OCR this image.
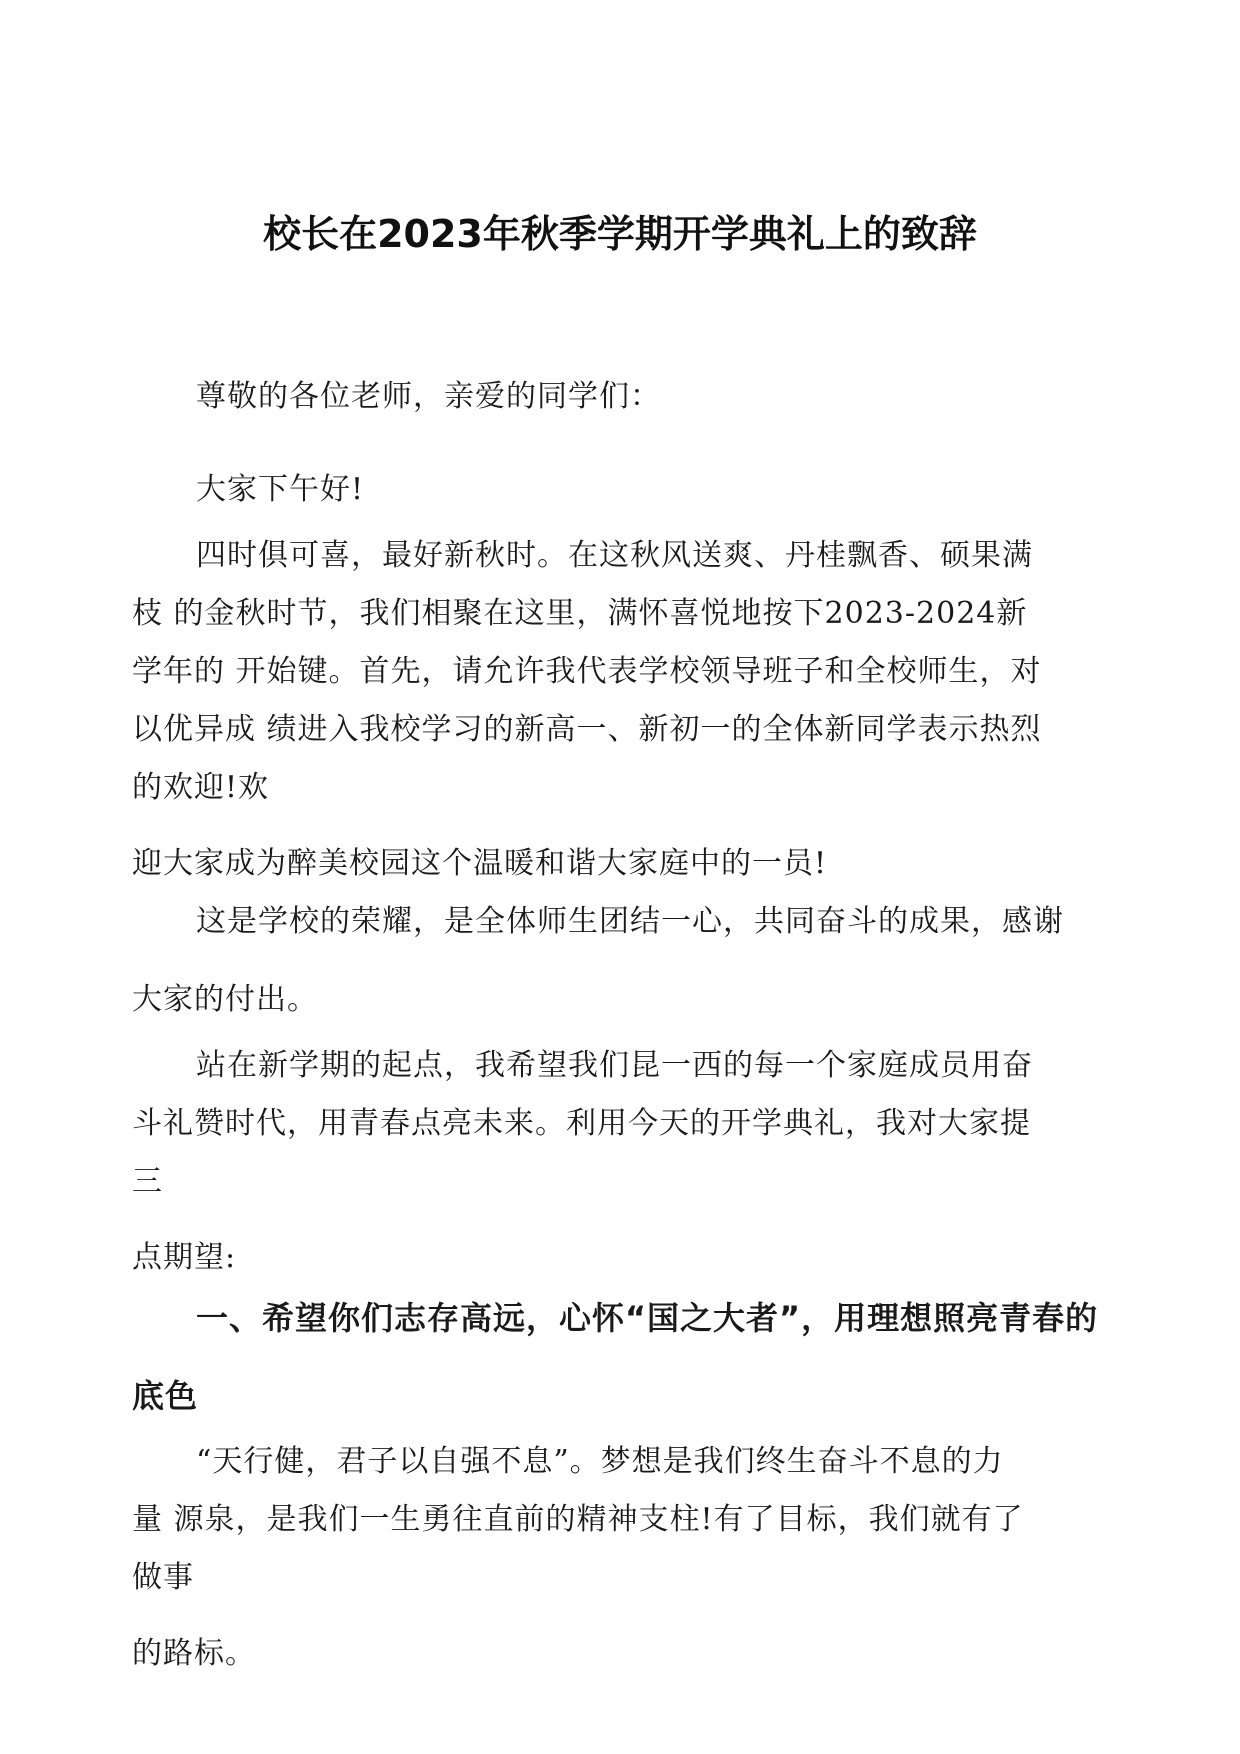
校长在2023年秋季学期开学典礼上的致辞
尊敬的各位老师，亲爱的同学们：
大家下午好!
四时俱可喜，最好新秋时。在这秋风送爽、丹桂飘香、硕果满
枝 的金秋时节，我们相聚在这里，满怀喜悦地按下2023-2024新
学年的 开始键。首先，请允许我代表学校领导班子和全校师生，对
以优异成 绩进入我校学习的新高一、新初一的全体新同学表示热烈
的欢迎!欢
迎大家成为醉美校园这个温暖和谐大家庭中的一员!
这是学校的荣耀，是全体师生团结一心，共同奋斗的成果，感谢
大家的付出。
站在新学期的起点，我希望我们昆一西的每一个家庭成员用奋
斗礼赞时代，用青春点亮未来。利用今天的开学典礼，我对大家提
三
点期望:
一、希望你们志存高远，心怀“国之大者”，用理想照亮青春的
底色
“天行健，君子以自强不息”。梦想是我们终生奋斗不息的力
量 源泉，是我们一生勇往直前的精神支柱!有了目标，我们就有了
做事
的路标。
